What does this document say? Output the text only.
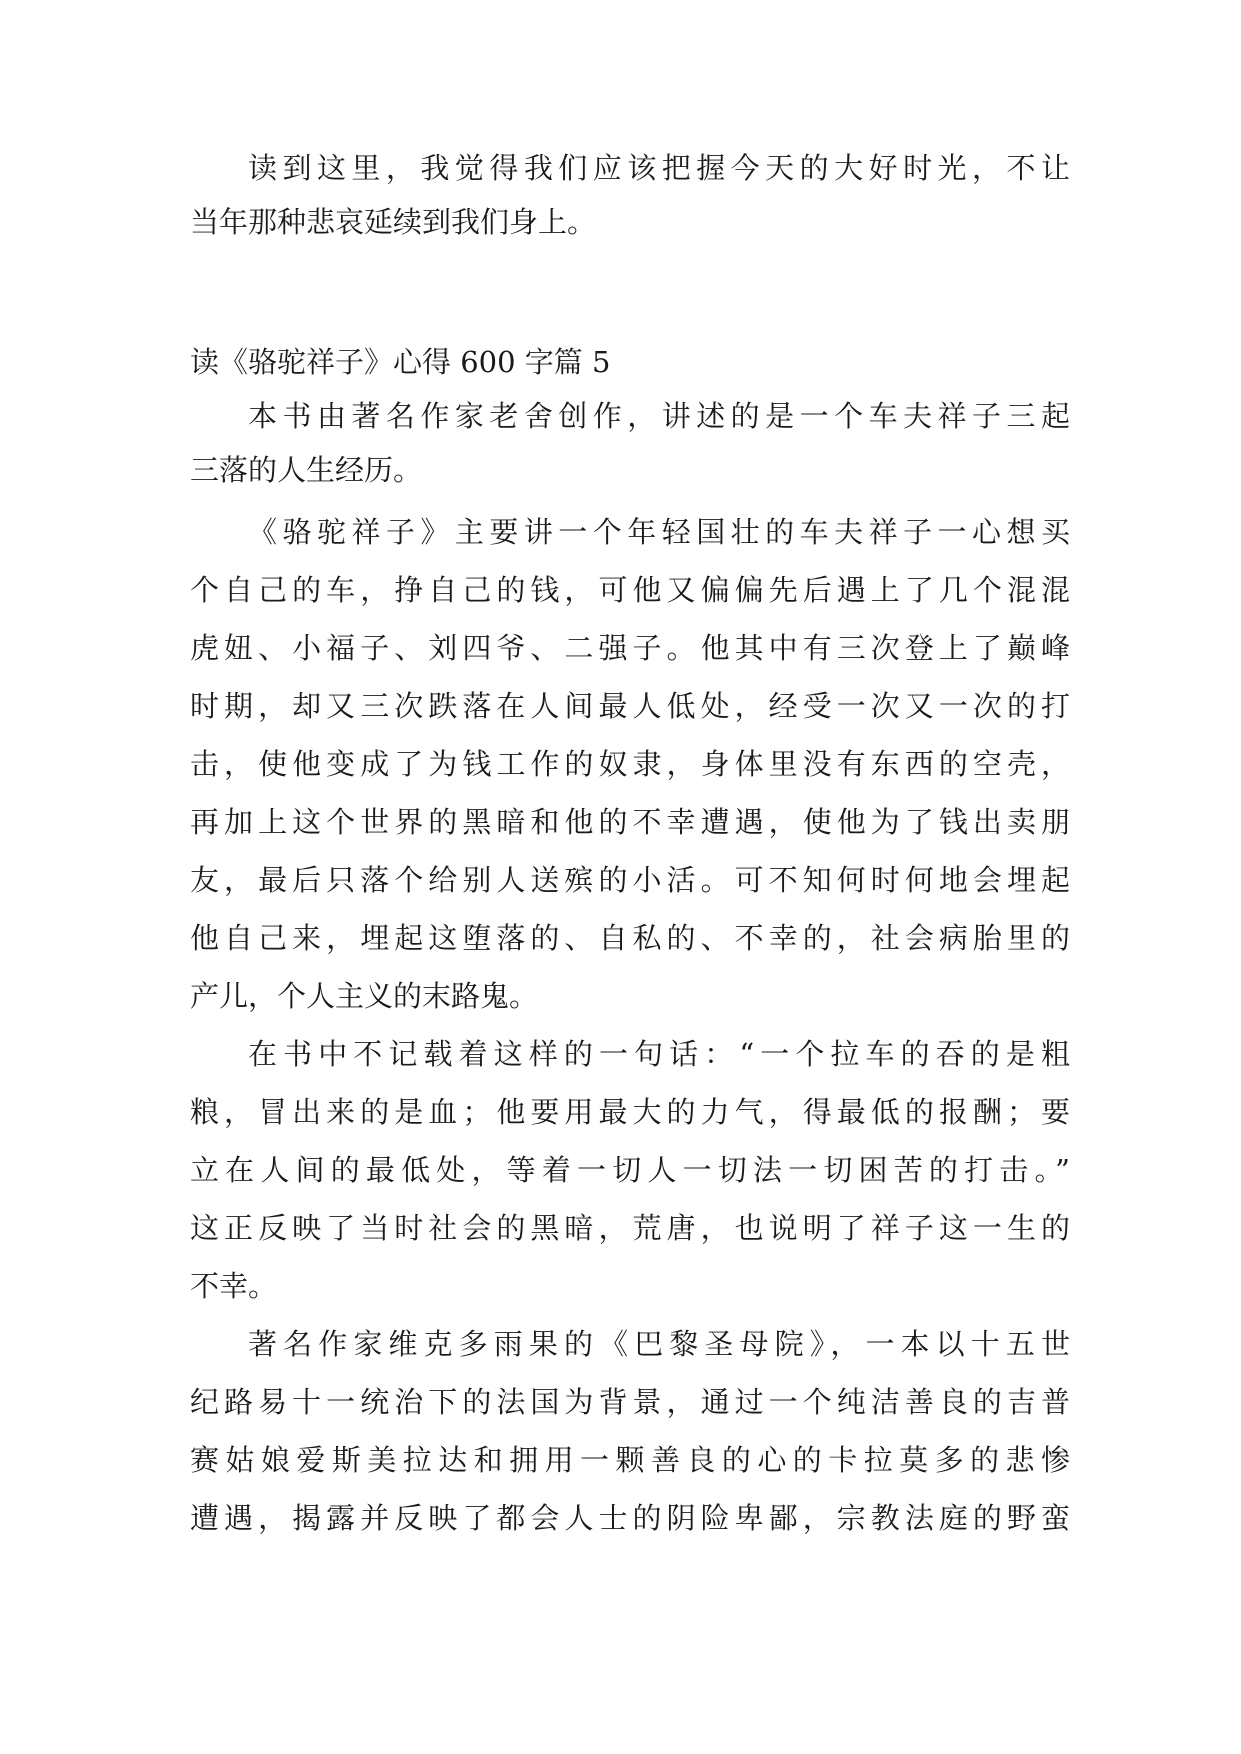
读到这里，我觉得我们应该把握今天的大好时光，不让

当年那种悲哀延续到我们身上。

读《骆驼祥子》心得 600 字篇 5

本书由著名作家老舍创作，讲述的是一个车夫祥子三起

三落的人生经历。

《骆驼祥子》主要讲一个年轻国壮的车夫祥子一心想买

个自己的车，挣自己的钱，可他又偏偏先后遇上了几个混混

虎妞、小福子、刘四爷、二强子。他其中有三次登上了巅峰

时期，却又三次跌落在人间最人低处，经受一次又一次的打

击，使他变成了为钱工作的奴隶，身体里没有东西的空壳，

再加上这个世界的黑暗和他的不幸遭遇，使他为了钱出卖朋

友，最后只落个给别人送殡的小活。可不知何时何地会埋起

他自己来，埋起这堕落的、自私的、不幸的，社会病胎里的

产儿，个人主义的末路鬼。

在书中不记载着这样的一句话：“一个拉车的吞的是粗

粮，冒出来的是血；他要用最大的力气，得最低的报酬；要

立在人间的最低处，等着一切人一切法一切困苦的打击。”

这正反映了当时社会的黑暗，荒唐，也说明了祥子这一生的

不幸。

著名作家维克多雨果的《巴黎圣母院》，一本以十五世

纪路易十一统治下的法国为背景，通过一个纯洁善良的吉普

赛姑娘爱斯美拉达和拥用一颗善良的心的卡拉莫多的悲惨

遭遇，揭露并反映了都会人士的阴险卑鄙，宗教法庭的野蛮
